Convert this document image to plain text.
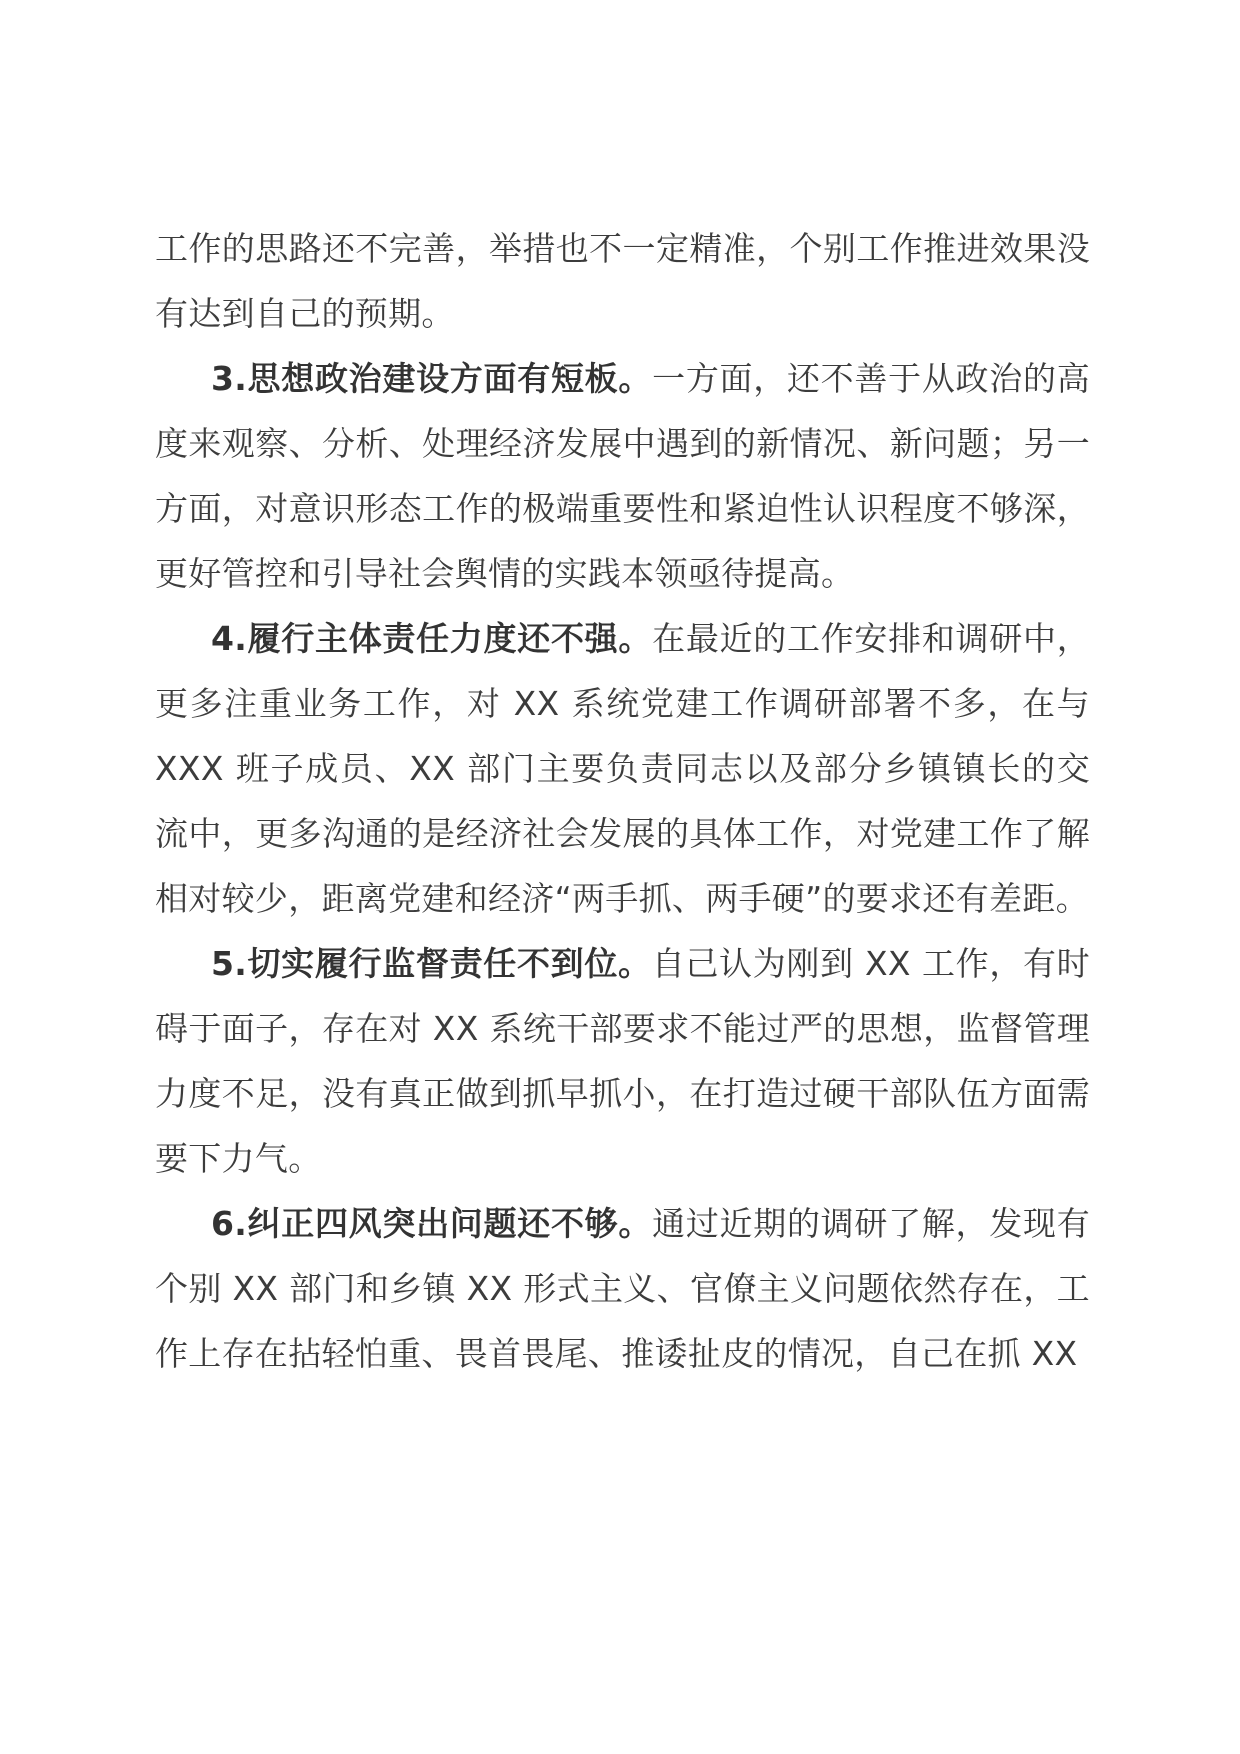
工作的思路还不完善，举措也不一定精准，个别工作推进效果没有达到自己的预期。

3.思想政治建设方面有短板。一方面，还不善于从政治的高度来观察、分析、处理经济发展中遇到的新情况、新问题；另一方面，对意识形态工作的极端重要性和紧迫性认识程度不够深，更好管控和引导社会舆情的实践本领亟待提高。

4.履行主体责任力度还不强。在最近的工作安排和调研中，更多注重业务工作，对 XX 系统党建工作调研部署不多，在与 XXX 班子成员、XX 部门主要负责同志以及部分乡镇镇长的交流中，更多沟通的是经济社会发展的具体工作，对党建工作了解相对较少，距离党建和经济“两手抓、两手硬”的要求还有差距。

5.切实履行监督责任不到位。自己认为刚到 XX 工作，有时碍于面子，存在对 XX 系统干部要求不能过严的思想，监督管理力度不足，没有真正做到抓早抓小，在打造过硬干部队伍方面需要下力气。

6.纠正四风突出问题还不够。通过近期的调研了解，发现有个别 XX 部门和乡镇 XX 形式主义、官僚主义问题依然存在，工作上存在拈轻怕重、畏首畏尾、推诿扯皮的情况，自己在抓 XX
